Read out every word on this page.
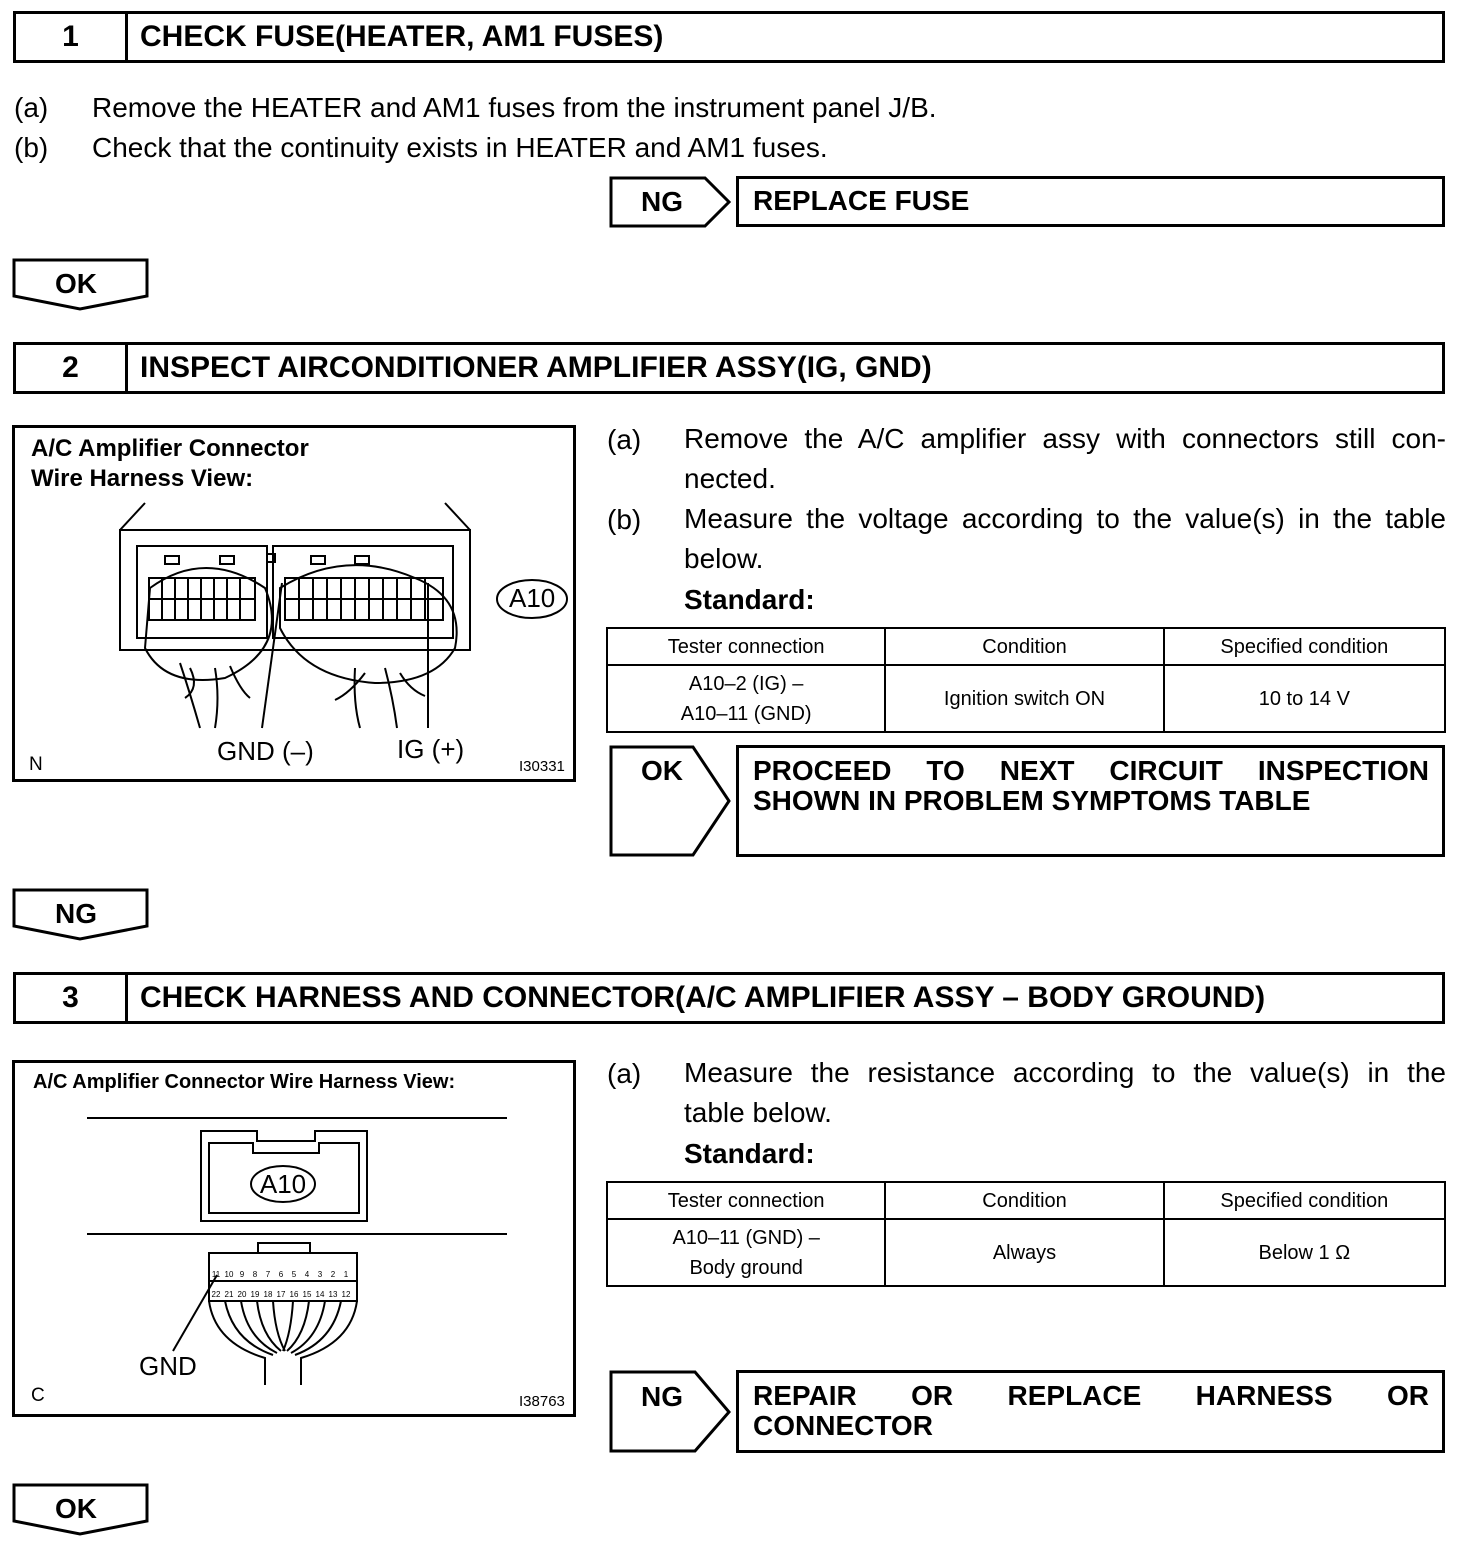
1	CHECK FUSE(HEATER, AM1 FUSES)
(a) Remove the HEATER and AM1 fuses from the instrument panel J/B.
(b) Check that the continuity exists in HEATER and AM1 fuses.
NG	REPLACE FUSE
OK
2	INSPECT AIRCONDITIONER AMPLIFIER ASSY(IG, GND)
A/C Amplifier Connector
Wire Harness View:
A10
GND (–)	IG (+)
N	I30331
(a) Remove the A/C amplifier assy with connectors still con-
nected.
(b) Measure the voltage according to the value(s) in the table
below.
Standard:
Tester connection	Condition	Specified condition

A10–2 (IG) –
A10–11 (GND)	Ignition switch ON	10 to 14 V
OK	PROCEED TO NEXT CIRCUIT INSPECTION
SHOWN IN PROBLEM SYMPTOMS TABLE
NG
3	CHECK HARNESS AND CONNECTOR(A/C AMPLIFIER ASSY – BODY GROUND)
A/C Amplifier Connector Wire Harness View:
11 10 9 8 7 6 5 4 3 2 1
22 21 20 19 18 17 16 15 14 13 12
A10
GND
C	I38763
(a) Measure the resistance according to the value(s) in the
table below.
Standard:
Tester connection	Condition	Specified condition

A10–11 (GND) –
Body ground	Always	Below 1 Ω
NG	REPAIR OR REPLACE HARNESS OR
CONNECTOR
OK
